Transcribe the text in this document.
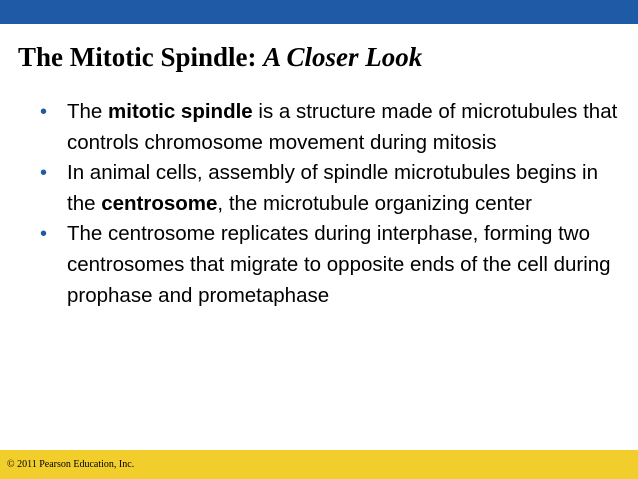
The Mitotic Spindle: A Closer Look
• The mitotic spindle is a structure made of microtubules that controls chromosome movement during mitosis
• In animal cells, assembly of spindle microtubules begins in the centrosome, the microtubule organizing center
• The centrosome replicates during interphase, forming two centrosomes that migrate to opposite ends of the cell during prophase and prometaphase
© 2011 Pearson Education, Inc.
